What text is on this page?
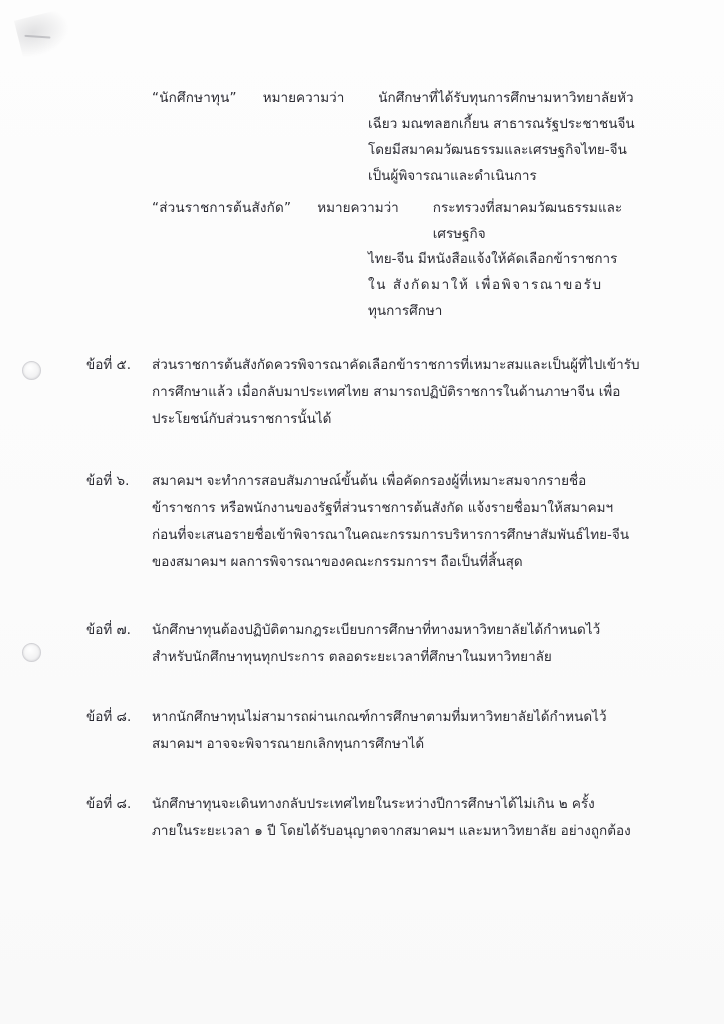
“นักศึกษาทุน” หมายความว่า	นักศึกษาที่ได้รับทุนการศึกษามหาวิทยาลัยหัว
เฉียว มณฑลฮกเกี้ยน สาธารณรัฐประชาชนจีน
โดยมีสมาคมวัฒนธรรมและเศรษฐกิจไทย-จีน
เป็นผู้พิจารณาและดำเนินการ
“ส่วนราชการต้นสังกัด” หมายความว่า	กระทรวงที่สมาคมวัฒนธรรมและเศรษฐกิจ
ไทย-จีน มีหนังสือแจ้งให้คัดเลือกข้าราชการ
ใน สังกัดมาให้ เพื่อพิจารณาขอรับ
ทุนการศึกษา
ข้อที่ ๕.	ส่วนราชการต้นสังกัดควรพิจารณาคัดเลือกข้าราชการที่เหมาะสมและเป็นผู้ที่ไปเข้ารับ
การศึกษาแล้ว เมื่อกลับมาประเทศไทย สามารถปฏิบัติราชการในด้านภาษาจีน เพื่อ
ประโยชน์กับส่วนราชการนั้นได้
ข้อที่ ๖.	สมาคมฯ จะทำการสอบสัมภาษณ์ขั้นต้น เพื่อคัดกรองผู้ที่เหมาะสมจากรายชื่อ
ข้าราชการ หรือพนักงานของรัฐที่ส่วนราชการต้นสังกัด แจ้งรายชื่อมาให้สมาคมฯ
ก่อนที่จะเสนอรายชื่อเข้าพิจารณาในคณะกรรมการบริหารการศึกษาสัมพันธ์ไทย-จีน
ของสมาคมฯ ผลการพิจารณาของคณะกรรมการฯ ถือเป็นที่สิ้นสุด
ข้อที่ ๗.	นักศึกษาทุนต้องปฏิบัติตามกฎระเบียบการศึกษาที่ทางมหาวิทยาลัยได้กำหนดไว้
สำหรับนักศึกษาทุนทุกประการ ตลอดระยะเวลาที่ศึกษาในมหาวิทยาลัย
ข้อที่ ๘.	หากนักศึกษาทุนไม่สามารถผ่านเกณฑ์การศึกษาตามที่มหาวิทยาลัยได้กำหนดไว้
สมาคมฯ อาจจะพิจารณายกเลิกทุนการศึกษาได้
ข้อที่ ๘.	นักศึกษาทุนจะเดินทางกลับประเทศไทยในระหว่างปีการศึกษาได้ไม่เกิน ๒ ครั้ง
ภายในระยะเวลา ๑ ปี โดยได้รับอนุญาตจากสมาคมฯ และมหาวิทยาลัย อย่างถูกต้อง
